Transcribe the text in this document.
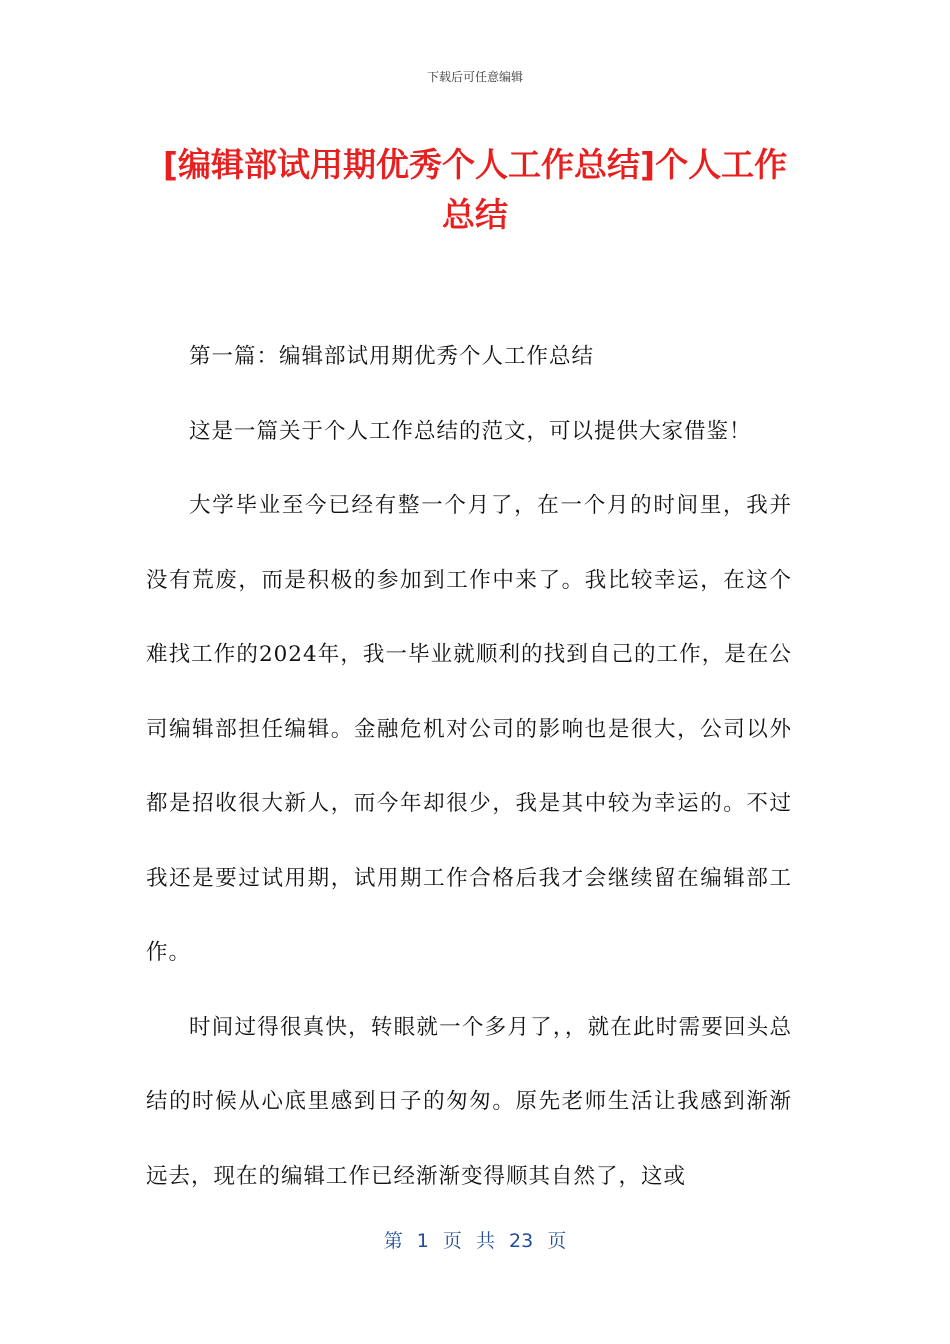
下载后可任意编辑
[编辑部试用期优秀个人工作总结]个人工作总结

第一篇：编辑部试用期优秀个人工作总结

这是一篇关于个人工作总结的范文，可以提供大家借鉴！

大学毕业至今已经有整一个月了，在一个月的时间里，我并没有荒废，而是积极的参加到工作中来了。我比较幸运，在这个难找工作的2024年，我一毕业就顺利的找到自己的工作，是在公司编辑部担任编辑。金融危机对公司的影响也是很大，公司以外都是招收很大新人，而今年却很少，我是其中较为幸运的。不过我还是要过试用期，试用期工作合格后我才会继续留在编辑部工作。

时间过得很真快，转眼就一个多月了，，就在此时需要回头总结的时候从心底里感到日子的匆匆。原先老师生活让我感到渐渐远去，现在的编辑工作已经渐渐变得顺其自然了，这或

第 1 页 共 23 页
